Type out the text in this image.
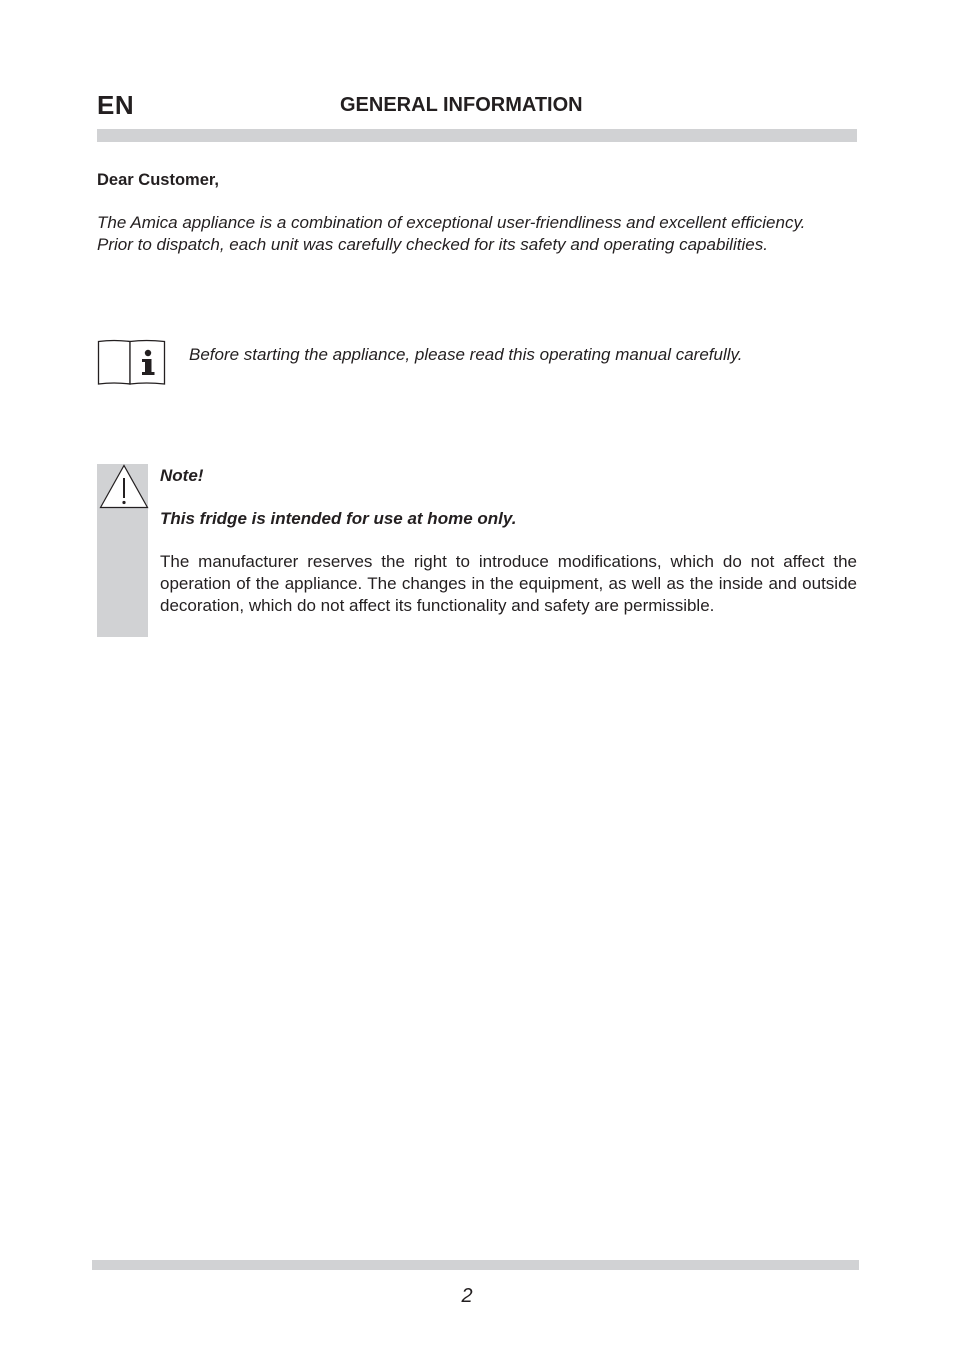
EN	GENERAL INFORMATION
Dear Customer,

The Amica appliance is a combination of exceptional user-friendliness and excellent efficiency.
Prior to dispatch, each unit was carefully checked for its safety and operating capabilities.

Before starting the appliance, please read this operating manual carefully.
Note!
This fridge is intended for use at home only.

The manufacturer reserves the right to introduce modifications, which do not affect the operation of the appliance. The changes in the equipment, as well as the inside and outside decoration, which do not affect its functionality and safety are permissible.

2
